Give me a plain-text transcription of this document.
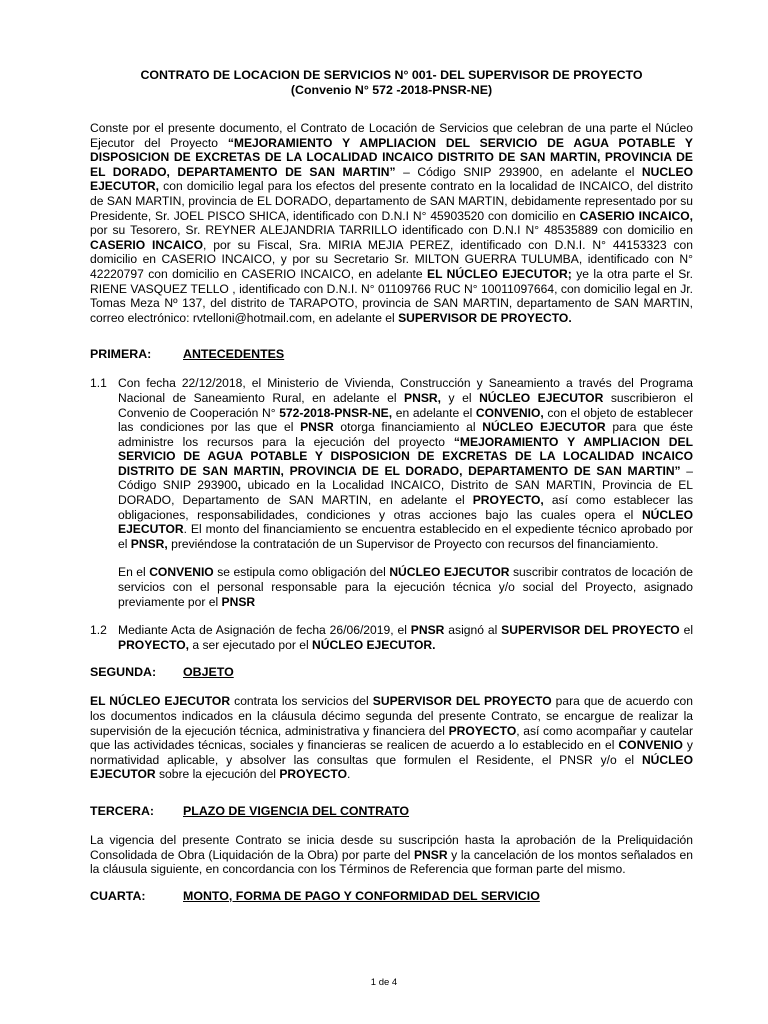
CONTRATO DE LOCACION DE SERVICIOS N° 001- DEL SUPERVISOR DE PROYECTO
(Convenio N° 572 -2018-PNSR-NE)

Conste por el presente documento, el Contrato de Locación de Servicios que celebran de una parte el Núcleo Ejecutor del Proyecto “MEJORAMIENTO Y AMPLIACION DEL SERVICIO DE AGUA POTABLE Y DISPOSICION DE EXCRETAS DE LA LOCALIDAD INCAICO DISTRITO DE SAN MARTIN, PROVINCIA DE EL DORADO, DEPARTAMENTO DE SAN MARTIN” – Código SNIP 293900, en adelante el NUCLEO EJECUTOR, con domicilio legal para los efectos del presente contrato en la localidad de INCAICO, del distrito de SAN MARTIN, provincia de EL DORADO, departamento de SAN MARTIN, debidamente representado por su Presidente, Sr. JOEL PISCO SHICA, identificado con D.N.I N° 45903520 con domicilio en CASERIO INCAICO, por su Tesorero, Sr. REYNER ALEJANDRIA TARRILLO identificado con D.N.I N° 48535889 con domicilio en CASERIO INCAICO, por su Fiscal, Sra. MIRIA MEJIA PEREZ, identificado con D.N.I. N° 44153323 con domicilio en CASERIO INCAICO, y por su Secretario Sr. MILTON GUERRA TULUMBA, identificado con N° 42220797 con domicilio en CASERIO INCAICO, en adelante EL NÚCLEO EJECUTOR; ye la otra parte el Sr. RIENE VASQUEZ TELLO , identificado con D.N.I. N° 01109766 RUC N° 10011097664, con domicilio legal en Jr. Tomas Meza Nº 137, del distrito de TARAPOTO, provincia de SAN MARTIN, departamento de SAN MARTIN, correo electrónico: rvtelloni@hotmail.com, en adelante el SUPERVISOR DE PROYECTO.

PRIMERA:	ANTECEDENTES

1.1 Con fecha 22/12/2018, el Ministerio de Vivienda, Construcción y Saneamiento a través del Programa Nacional de Saneamiento Rural, en adelante el PNSR, y el NÚCLEO EJECUTOR suscribieron el Convenio de Cooperación N° 572-2018-PNSR-NE, en adelante el CONVENIO, con el objeto de establecer las condiciones por las que el PNSR otorga financiamiento al NÚCLEO EJECUTOR para que éste administre los recursos para la ejecución del proyecto “MEJORAMIENTO Y AMPLIACION DEL SERVICIO DE AGUA POTABLE Y DISPOSICION DE EXCRETAS DE LA LOCALIDAD INCAICO DISTRITO DE SAN MARTIN, PROVINCIA DE EL DORADO, DEPARTAMENTO DE SAN MARTIN” – Código SNIP 293900, ubicado en la Localidad INCAICO, Distrito de SAN MARTIN, Provincia de EL DORADO, Departamento de SAN MARTIN, en adelante el PROYECTO, así como establecer las obligaciones, responsabilidades, condiciones y otras acciones bajo las cuales opera el NÚCLEO EJECUTOR. El monto del financiamiento se encuentra establecido en el expediente técnico aprobado por el PNSR, previéndose la contratación de un Supervisor de Proyecto con recursos del financiamiento.

En el CONVENIO se estipula como obligación del NÚCLEO EJECUTOR suscribir contratos de locación de servicios con el personal responsable para la ejecución técnica y/o social del Proyecto, asignado previamente por el PNSR

1.2 Mediante Acta de Asignación de fecha 26/06/2019, el PNSR asignó al SUPERVISOR DEL PROYECTO el PROYECTO, a ser ejecutado por el NÚCLEO EJECUTOR.

SEGUNDA: OBJETO

EL NÚCLEO EJECUTOR contrata los servicios del SUPERVISOR DEL PROYECTO para que de acuerdo con los documentos indicados en la cláusula décimo segunda del presente Contrato, se encargue de realizar la supervisión de la ejecución técnica, administrativa y financiera del PROYECTO, así como acompañar y cautelar que las actividades técnicas, sociales y financieras se realicen de acuerdo a lo establecido en el CONVENIO y normatividad aplicable, y absolver las consultas que formulen el Residente, el PNSR y/o el NÚCLEO EJECUTOR sobre la ejecución del PROYECTO.

TERCERA: PLAZO DE VIGENCIA DEL CONTRATO

La vigencia del presente Contrato se inicia desde su suscripción hasta la aprobación de la Preliquidación Consolidada de Obra (Liquidación de la Obra) por parte del PNSR y la cancelación de los montos señalados en la cláusula siguiente, en concordancia con los Términos de Referencia que forman parte del mismo.

CUARTA:	MONTO, FORMA DE PAGO Y CONFORMIDAD DEL SERVICIO

1 de 4
